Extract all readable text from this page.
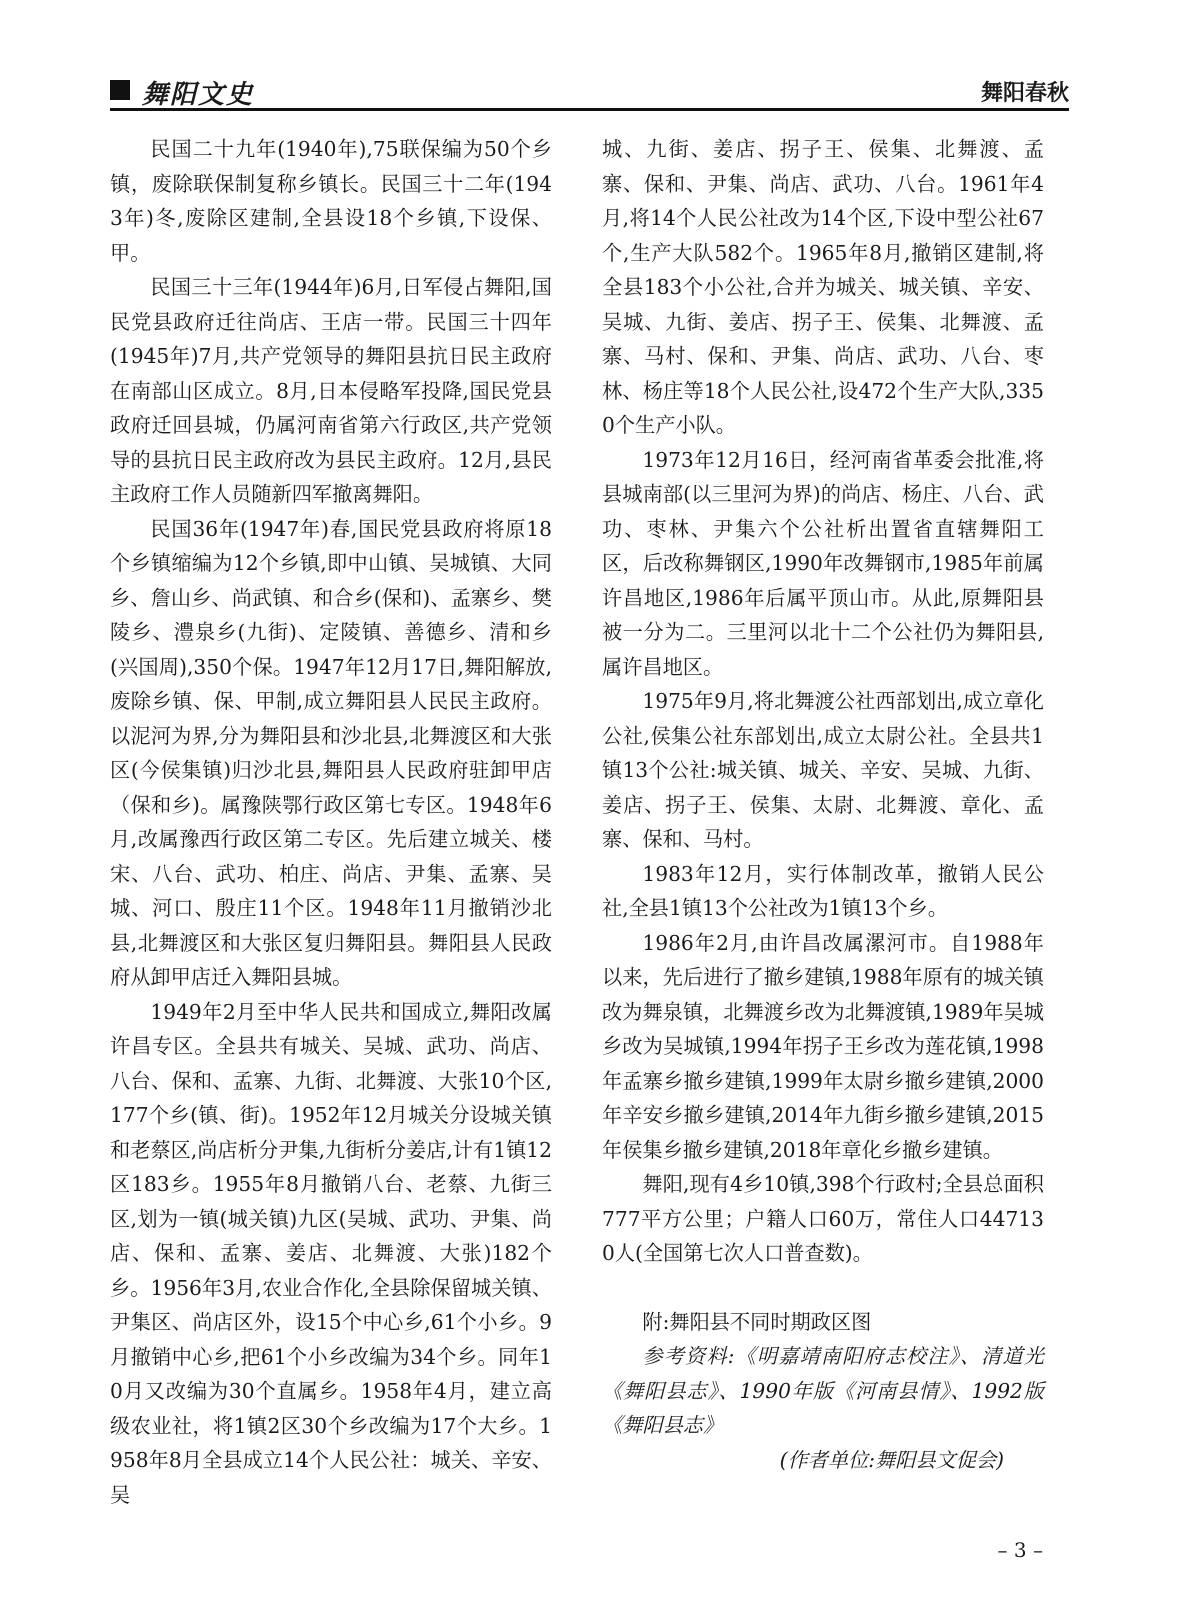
舞阳文史	舞阳春秋

民国二十九年(1940年),75联保编为50个乡镇，废除联保制复称乡镇长。民国三十二年(1943年)冬,废除区建制,全县设18个乡镇,下设保、甲。

民国三十三年(1944年)6月,日军侵占舞阳,国民党县政府迁往尚店、王店一带。民国三十四年(1945年)7月,共产党领导的舞阳县抗日民主政府在南部山区成立。8月,日本侵略军投降,国民党县政府迁回县城，仍属河南省第六行政区,共产党领导的县抗日民主政府改为县民主政府。12月,县民主政府工作人员随新四军撤离舞阳。

民国36年(1947年)春,国民党县政府将原18个乡镇缩编为12个乡镇,即中山镇、吴城镇、大同乡、詹山乡、尚武镇、和合乡(保和)、孟寨乡、樊陵乡、澧泉乡(九街)、定陵镇、善德乡、清和乡(兴国周),350个保。1947年12月17日,舞阳解放,废除乡镇、保、甲制,成立舞阳县人民民主政府。以泥河为界,分为舞阳县和沙北县,北舞渡区和大张区(今侯集镇)归沙北县,舞阳县人民政府驻卸甲店（保和乡)。属豫陕鄂行政区第七专区。1948年6月,改属豫西行政区第二专区。先后建立城关、楼宋、八台、武功、柏庄、尚店、尹集、孟寨、吴城、河口、殷庄11个区。1948年11月撤销沙北县,北舞渡区和大张区复归舞阳县。舞阳县人民政府从卸甲店迁入舞阳县城。

1949年2月至中华人民共和国成立,舞阳改属许昌专区。全县共有城关、吴城、武功、尚店、八台、保和、孟寨、九街、北舞渡、大张10个区,177个乡(镇、街)。1952年12月城关分设城关镇和老蔡区,尚店析分尹集,九街析分姜店,计有1镇12区183乡。1955年8月撤销八台、老蔡、九街三区,划为一镇(城关镇)九区(吴城、武功、尹集、尚店、保和、孟寨、姜店、北舞渡、大张)182个乡。1956年3月,农业合作化,全县除保留城关镇、尹集区、尚店区外，设15个中心乡,61个小乡。9月撤销中心乡,把61个小乡改编为34个乡。同年10月又改编为30个直属乡。1958年4月，建立高级农业社，将1镇2区30个乡改编为17个大乡。1958年8月全县成立14个人民公社：城关、辛安、吴

城、九街、姜店、拐子王、侯集、北舞渡、孟寨、保和、尹集、尚店、武功、八台。1961年4月,将14个人民公社改为14个区,下设中型公社67个,生产大队582个。1965年8月,撤销区建制,将全县183个小公社,合并为城关、城关镇、辛安、吴城、九街、姜店、拐子王、侯集、北舞渡、孟寨、马村、保和、尹集、尚店、武功、八台、枣林、杨庄等18个人民公社,设472个生产大队,3350个生产小队。

1973年12月16日，经河南省革委会批准,将县城南部(以三里河为界)的尚店、杨庄、八台、武功、枣林、尹集六个公社析出置省直辖舞阳工区，后改称舞钢区,1990年改舞钢市,1985年前属许昌地区,1986年后属平顶山市。从此,原舞阳县被一分为二。三里河以北十二个公社仍为舞阳县,属许昌地区。

1975年9月,将北舞渡公社西部划出,成立章化公社,侯集公社东部划出,成立太尉公社。全县共1镇13个公社:城关镇、城关、辛安、吴城、九街、姜店、拐子王、侯集、太尉、北舞渡、章化、孟寨、保和、马村。

1983年12月，实行体制改革，撤销人民公社,全县1镇13个公社改为1镇13个乡。

1986年2月,由许昌改属漯河市。自1988年以来，先后进行了撤乡建镇,1988年原有的城关镇改为舞泉镇，北舞渡乡改为北舞渡镇,1989年吴城乡改为吴城镇,1994年拐子王乡改为莲花镇,1998年孟寨乡撤乡建镇,1999年太尉乡撤乡建镇,2000年辛安乡撤乡建镇,2014年九街乡撤乡建镇,2015年侯集乡撤乡建镇,2018年章化乡撤乡建镇。

舞阳,现有4乡10镇,398个行政村;全县总面积777平方公里；户籍人口60万，常住人口447130人(全国第七次人口普查数)。

附:舞阳县不同时期政区图

参考资料:《明嘉靖南阳府志校注》、清道光《舞阳县志》、1990年版《河南县情》、1992版《舞阳县志》

(作者单位:舞阳县文促会)

– 3 –
